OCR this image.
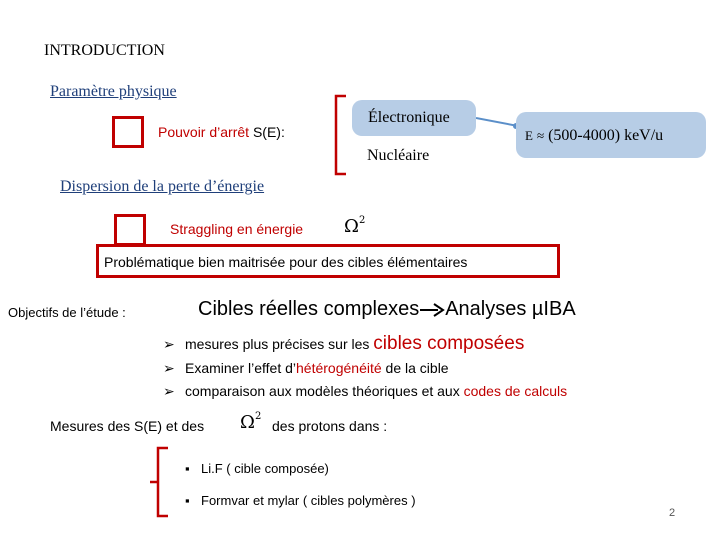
INTRODUCTION
Paramètre physique
Pouvoir d’arrêt S(E):
Électronique
Nucléaire
E ≈ (500-4000) keV/u
Dispersion de la perte d’énergie
Straggling en énergie $\Omega^2$
Problématique bien maitrisée pour des cibles élémentaires
Objectifs de l’étude :	Cibles réelles complexes Analyses µIBA
➢ mesures plus précises sur les cibles composées
➢ Examiner l’effet d’hétérogénéité de la cible
➢ comparaison aux modèles théoriques et aux codes de calculs
Mesures des S(E) et des $\Omega^2$
des protons dans :
▪ Li.F ( cible composée)
▪ Formvar et mylar ( cibles polymères )
2
